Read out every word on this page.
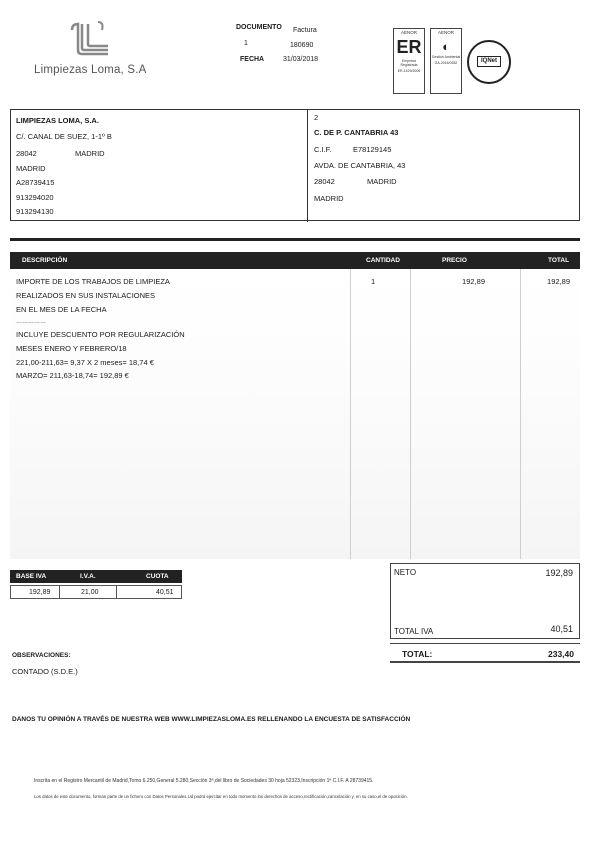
Limpiezas Loma, S.A
DOCUMENTO Factura
1	180690
FECHA	31/03/2018
AENOR
ER
Empresa Registrada
ER-1429/2006
AENOR
◐
Gestión Ambiental
GA-2016/0352	IQNet
LIMPIEZAS LOMA, S.A.
C/. CANAL DE SUEZ, 1-1º B
28042	MADRID
MADRID
A28739415
913294020
913294130
2
C. DE P. CANTABRIA 43
C.I.F.	E78129145
AVDA. DE CANTABRIA, 43
28042	MADRID
MADRID
DESCRIPCIÓN	CANTIDAD	PRECIO	TOTAL
IMPORTE DE LOS TRABAJOS DE LIMPIEZA
REALIZADOS EN SUS INSTALACIONES
EN EL MES DE LA FECHA
……………
INCLUYE DESCUENTO POR REGULARIZACIÓN
MESES ENERO Y FEBRERO/18
221,00-211,63= 9,37 X 2 meses= 18,74 €
MARZO= 211,63-18,74= 192,89 €
1	192,89	192,89
BASE IVA	I.V.A.	CUOTA
192,89	21,00	40,51
NETO	192,89
TOTAL IVA	40,51
TOTAL:	233,40
OBSERVACIONES:
CONTADO (S.D.E.)
DANOS TU OPINIÓN A TRAVÉS DE NUESTRA WEB WWW.LIMPIEZASLOMA.ES RELLENANDO LA ENCUESTA DE SATISFACCIÓN
Inscrita en el Registro Mercantil de Madrid,Tomo 6.250,General 5.280,Sección 3ª,del libro de Sociedades 30 hoja 52323,Inscripción 1ª C.I.F. A 28739415.
Los datos de este documento, forman parte de un fichero con Datos Personales.Ud podrá ejercitar en todo momento los derechos de acceso,rectificación,cancelación y, en su caso,el de oposición.
